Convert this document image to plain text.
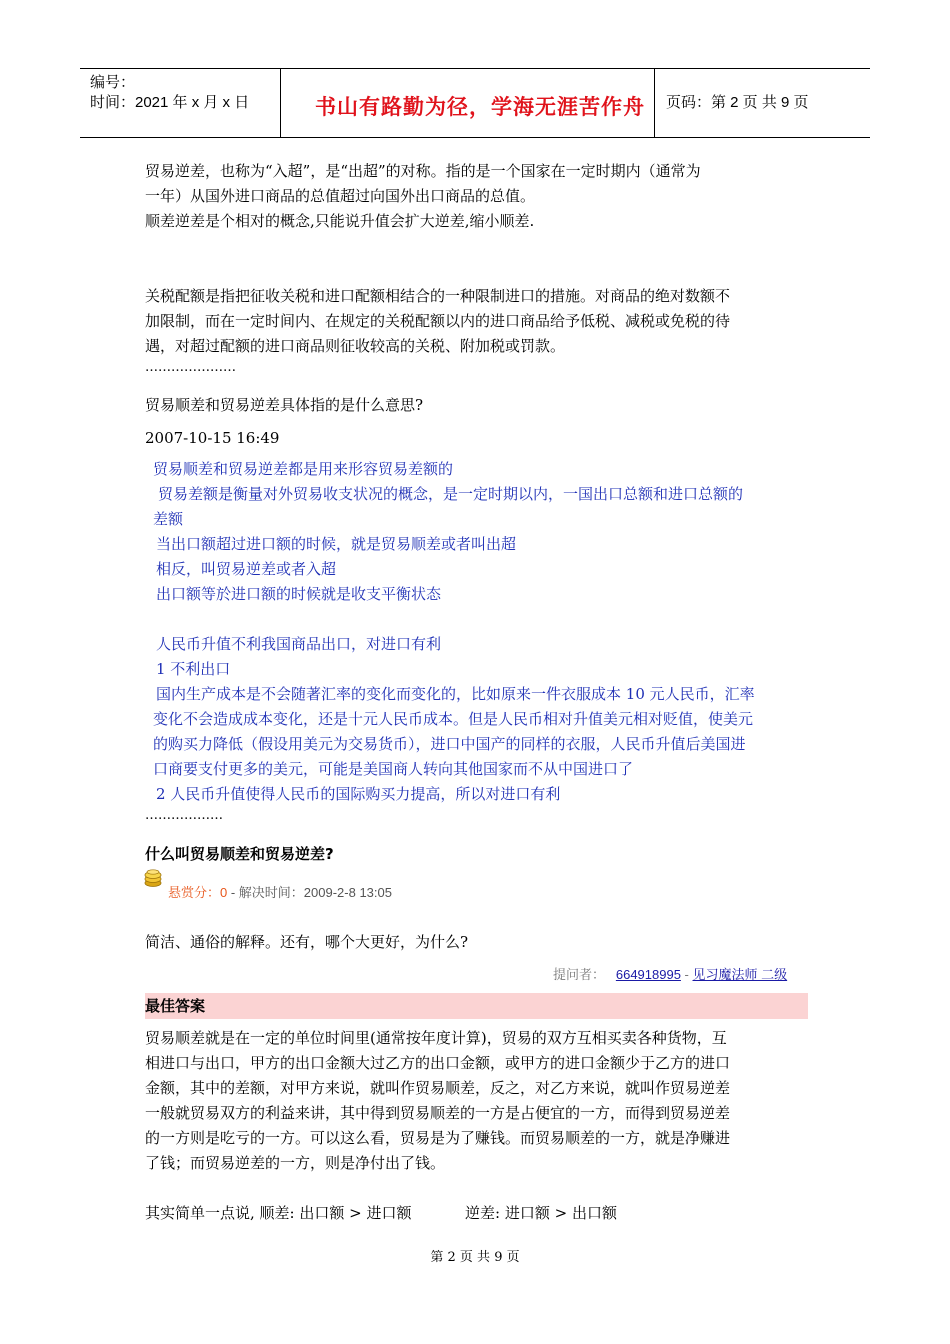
编号：
时间：2021 年 x 月 x 日	书山有路勤为径，学海无涯苦作舟	页码：第 2 页 共 9 页
贸易逆差，也称为“入超”，是“出超”的对称。指的是一个国家在一定时期内（通常为
一年）从国外进口商品的总值超过向国外出口商品的总值。
顺差逆差是个相对的概念,只能说升值会扩大逆差,缩小顺差.
关税配额是指把征收关税和进口配额相结合的一种限制进口的措施。对商品的绝对数额不
加限制，而在一定时间内、在规定的关税配额以内的进口商品给予低税、减税或免税的待
遇，对超过配额的进口商品则征收较高的关税、附加税或罚款。
…………………
贸易顺差和贸易逆差具体指的是什么意思?
2007-10-15 16:49
贸易顺差和贸易逆差都是用来形容贸易差额的
贸易差额是衡量对外贸易收支状况的概念，是一定时期以内，一国出口总额和进口总额的
差额
当出口额超过进口额的时候，就是贸易顺差或者叫出超
相反，叫贸易逆差或者入超
出口额等於进口额的时候就是收支平衡状态
人民币升值不利我国商品出口，对进口有利
1 不利出口
国内生产成本是不会随著汇率的变化而变化的，比如原来一件衣服成本 10 元人民币，汇率
变化不会造成成本变化，还是十元人民币成本。但是人民币相对升值美元相对贬值，使美元
的购买力降低（假设用美元为交易货币），进口中国产的同样的衣服，人民币升值后美国进
口商要支付更多的美元，可能是美国商人转向其他国家而不从中国进口了
2 人民币升值使得人民币的国际购买力提高，所以对进口有利
………………
什么叫贸易顺差和贸易逆差?
悬赏分：0 - 解决时间：2009-2-8 13:05
简洁、通俗的解释。还有，哪个大更好，为什么?
提问者： 664918995 - 见习魔法师 二级
最佳答案
贸易顺差就是在一定的单位时间里(通常按年度计算)，贸易的双方互相买卖各种货物，互
相进口与出口，甲方的出口金额大过乙方的出口金额，或甲方的进口金额少于乙方的进口
金额，其中的差额，对甲方来说，就叫作贸易顺差，反之，对乙方来说，就叫作贸易逆差
一般就贸易双方的利益来讲，其中得到贸易顺差的一方是占便宜的一方，而得到贸易逆差
的一方则是吃亏的一方。可以这么看，贸易是为了赚钱。而贸易顺差的一方，就是净赚进
了钱；而贸易逆差的一方，则是净付出了钱。
其实简单一点说, 顺差: 出口额 > 进口额	逆差: 进口额 > 出口额
第 2 页 共 9 页
